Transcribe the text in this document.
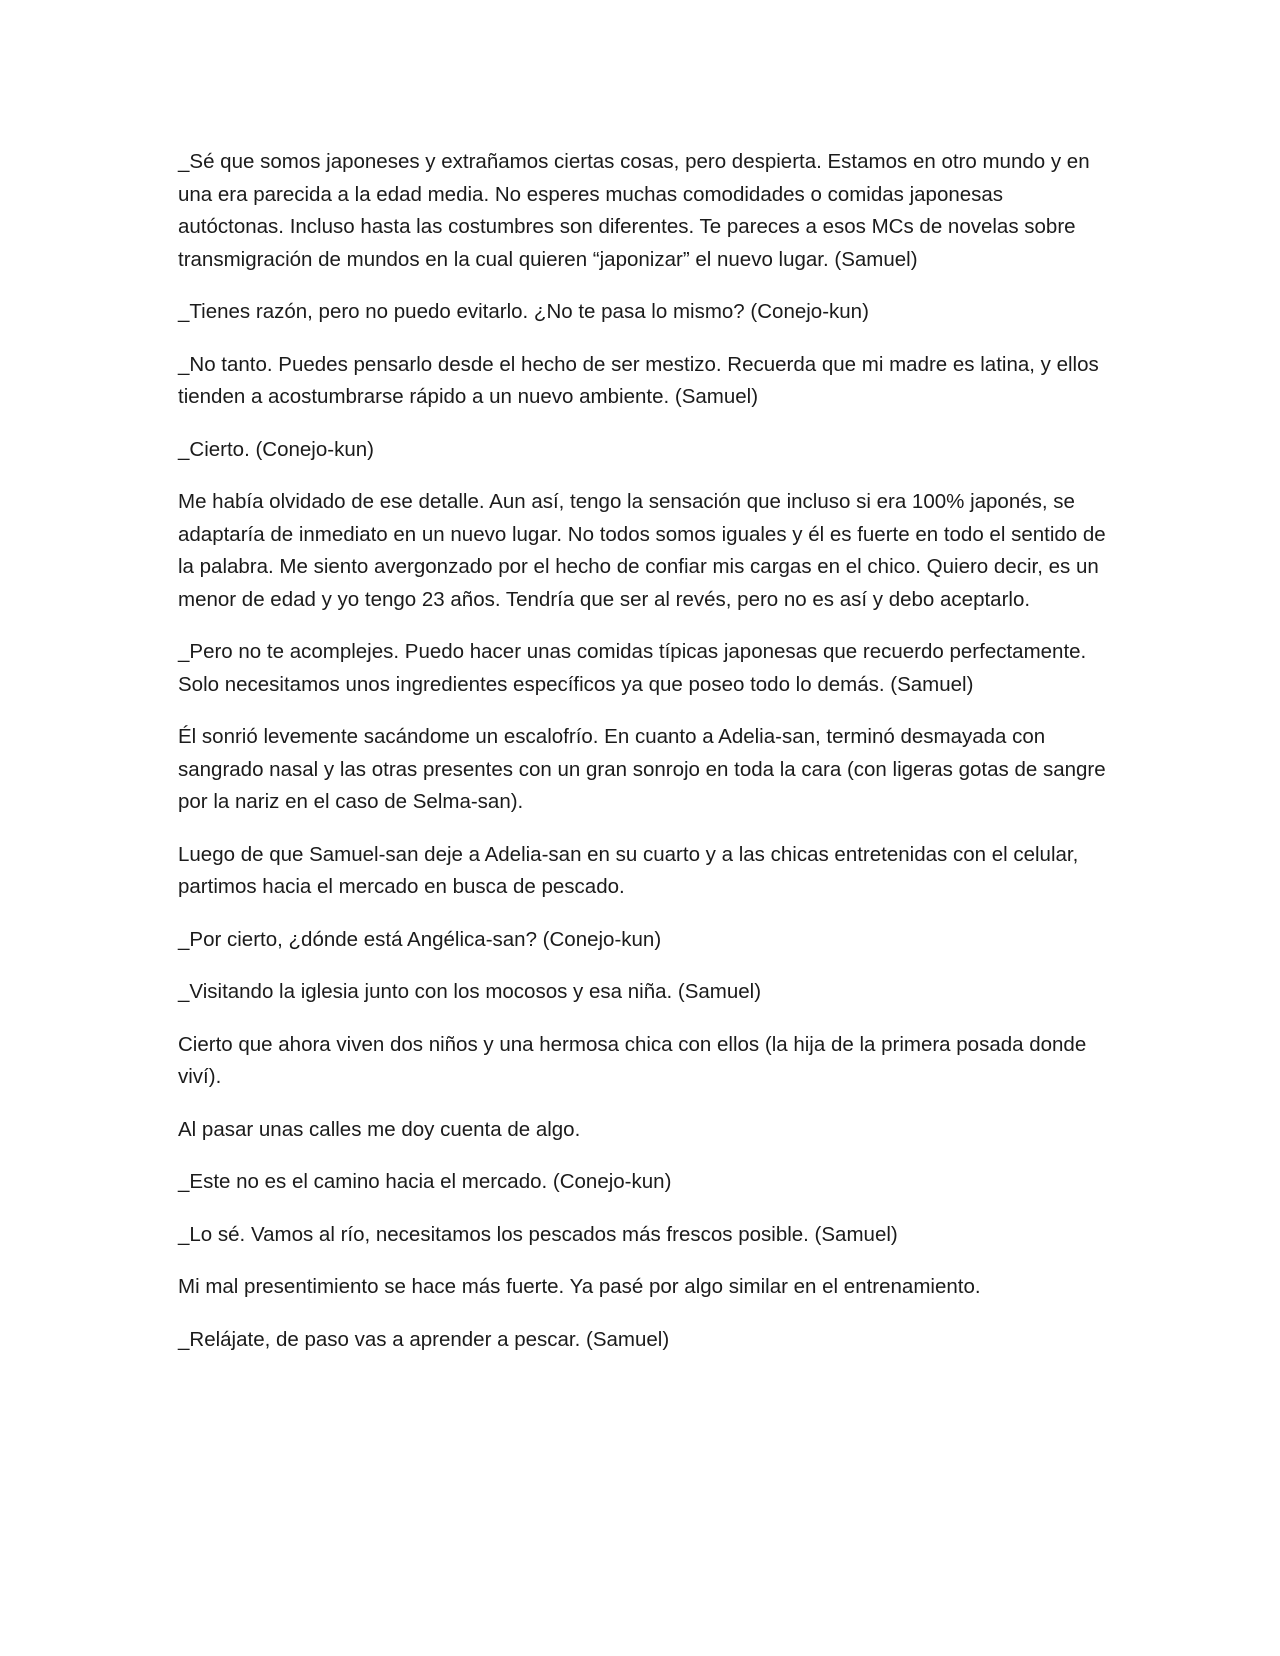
_Sé que somos japoneses y extrañamos ciertas cosas, pero despierta. Estamos en otro mundo y en una era parecida a la edad media. No esperes muchas comodidades o comidas japonesas autóctonas. Incluso hasta las costumbres son diferentes. Te pareces a esos MCs de novelas sobre transmigración de mundos en la cual quieren “japonizar” el nuevo lugar. (Samuel)

_Tienes razón, pero no puedo evitarlo. ¿No te pasa lo mismo? (Conejo-kun)

_No tanto. Puedes pensarlo desde el hecho de ser mestizo. Recuerda que mi madre es latina, y ellos tienden a acostumbrarse rápido a un nuevo ambiente. (Samuel)

_Cierto. (Conejo-kun)

Me había olvidado de ese detalle. Aun así, tengo la sensación que incluso si era 100% japonés, se adaptaría de inmediato en un nuevo lugar. No todos somos iguales y él es fuerte en todo el sentido de la palabra. Me siento avergonzado por el hecho de confiar mis cargas en el chico. Quiero decir, es un menor de edad y yo tengo 23 años. Tendría que ser al revés, pero no es así y debo aceptarlo.

_Pero no te acomplejes. Puedo hacer unas comidas típicas japonesas que recuerdo perfectamente. Solo necesitamos unos ingredientes específicos ya que poseo todo lo demás. (Samuel)

Él sonrió levemente sacándome un escalofrío. En cuanto a Adelia-san, terminó desmayada con sangrado nasal y las otras presentes con un gran sonrojo en toda la cara (con ligeras gotas de sangre por la nariz en el caso de Selma-san).

Luego de que Samuel-san deje a Adelia-san en su cuarto y a las chicas entretenidas con el celular, partimos hacia el mercado en busca de pescado.

_Por cierto, ¿dónde está Angélica-san? (Conejo-kun)

_Visitando la iglesia junto con los mocosos y esa niña. (Samuel)

Cierto que ahora viven dos niños y una hermosa chica con ellos (la hija de la primera posada donde viví).

Al pasar unas calles me doy cuenta de algo.

_Este no es el camino hacia el mercado. (Conejo-kun)

_Lo sé. Vamos al río, necesitamos los pescados más frescos posible. (Samuel)

Mi mal presentimiento se hace más fuerte. Ya pasé por algo similar en el entrenamiento.

_Relájate, de paso vas a aprender a pescar. (Samuel)
